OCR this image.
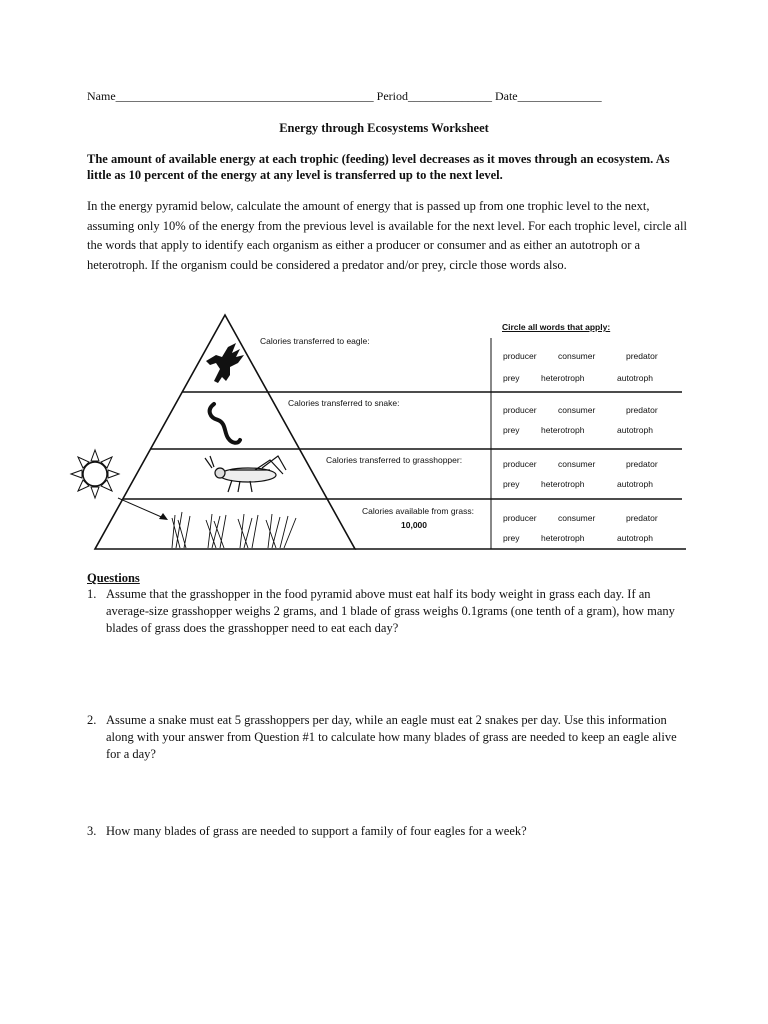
Name___________________________________________ Period______________ Date______________
Energy through Ecosystems Worksheet
The amount of available energy at each trophic (feeding) level decreases as it moves through an ecosystem. As little as 10 percent of the energy at any level is transferred up to the next level.
In the energy pyramid below, calculate the amount of energy that is passed up from one trophic level to the next, assuming only 10% of the energy from the previous level is available for the next level. For each trophic level, circle all the words that apply to identify each organism as either a producer or consumer and as either an autotroph or a heterotroph. If the organism could be considered a predator and/or prey, circle those words also.
Calories transferred to eagle:
Calories transferred to snake:
Calories transferred to grasshopper:
Calories available from grass:
10,000
Circle all words that apply:
producer	consumer	predator
prey	heterotroph	autotroph
producer	consumer	predator
prey	heterotroph	autotroph
producer	consumer	predator
prey	heterotroph	autotroph
producer	consumer	predator
prey	heterotroph	autotroph
Questions
1. Assume that the grasshopper in the food pyramid above must eat half its body weight in grass each day. If an average-size grasshopper weighs 2 grams, and 1 blade of grass weighs 0.1grams (one tenth of a gram), how many blades of grass does the grasshopper need to eat each day?
2. Assume a snake must eat 5 grasshoppers per day, while an eagle must eat 2 snakes per day. Use this information along with your answer from Question #1 to calculate how many blades of grass are needed to keep an eagle alive for a day?
3. How many blades of grass are needed to support a family of four eagles for a week?
